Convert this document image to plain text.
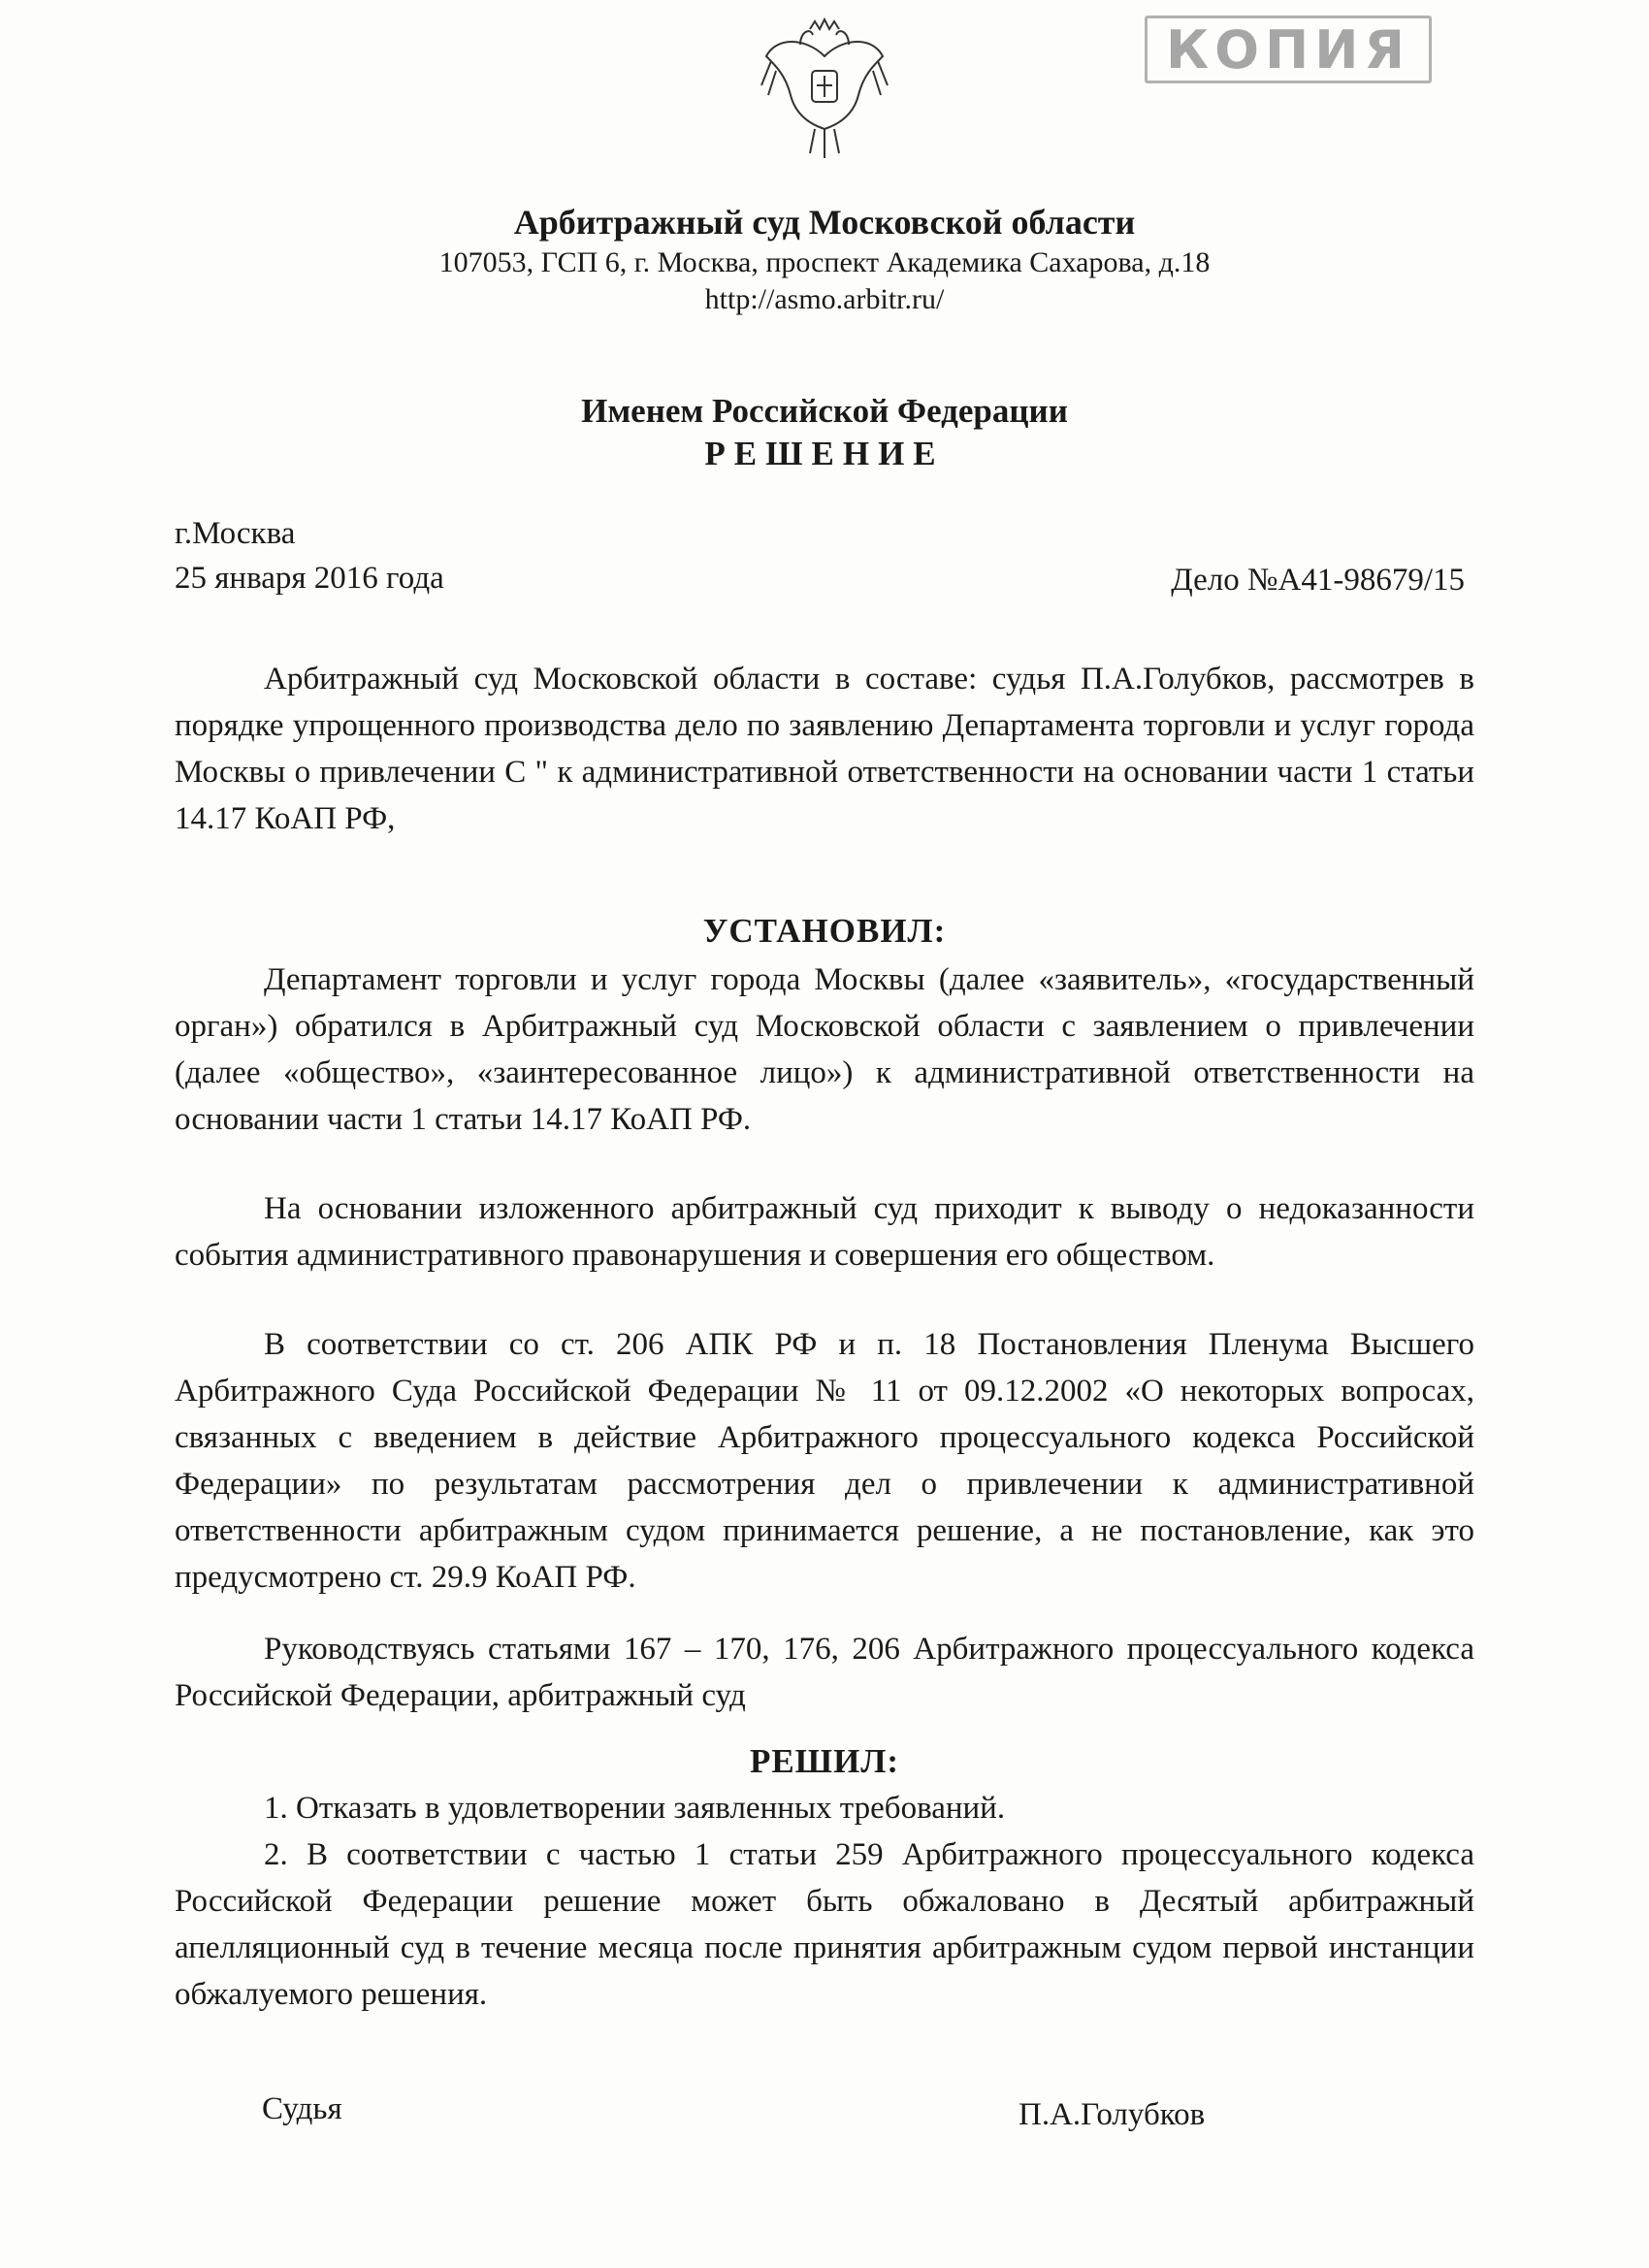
КОПИЯ
Арбитражный суд Московской области
107053, ГСП 6, г. Москва, проспект Академика Сахарова, д.18
http://asmo.arbitr.ru/
Именем Российской Федерации
РЕШЕНИЕ
г.Москва
25 января 2016 года	Дело №А41-98679/15

Арбитражный суд Московской области в составе: судья П.А.Голубков, рассмотрев в порядке упрощенного производства дело по заявлению Департамента торговли и услуг города Москвы о привлечении С " к административной ответственности на основании части 1 статьи 14.17 КоАП РФ,

УСТАНОВИЛ:

Департамент торговли и услуг города Москвы (далее «заявитель», «государственный орган») обратился в Арбитражный суд Московской области с заявлением о привлечении (далее «общество», «заинтересованное лицо») к административной ответственности на основании части 1 статьи 14.17 КоАП РФ.

На основании изложенного арбитражный суд приходит к выводу о недоказанности события административного правонарушения и совершения его обществом.

В соответствии со ст. 206 АПК РФ и п. 18 Постановления Пленума Высшего Арбитражного Суда Российской Федерации № 11 от 09.12.2002 «О некоторых вопросах, связанных с введением в действие Арбитражного процессуального кодекса Российской Федерации» по результатам рассмотрения дел о привлечении к административной ответственности арбитражным судом принимается решение, а не постановление, как это предусмотрено ст. 29.9 КоАП РФ.

Руководствуясь статьями 167 – 170, 176, 206 Арбитражного процессуального кодекса Российской Федерации, арбитражный суд

РЕШИЛ:
1. Отказать в удовлетворении заявленных требований.
2. В соответствии с частью 1 статьи 259 Арбитражного процессуального кодекса Российской Федерации решение может быть обжаловано в Десятый арбитражный апелляционный суд в течение месяца после принятия арбитражным судом первой инстанции обжалуемого решения.
Судья	П.А.Голубков
